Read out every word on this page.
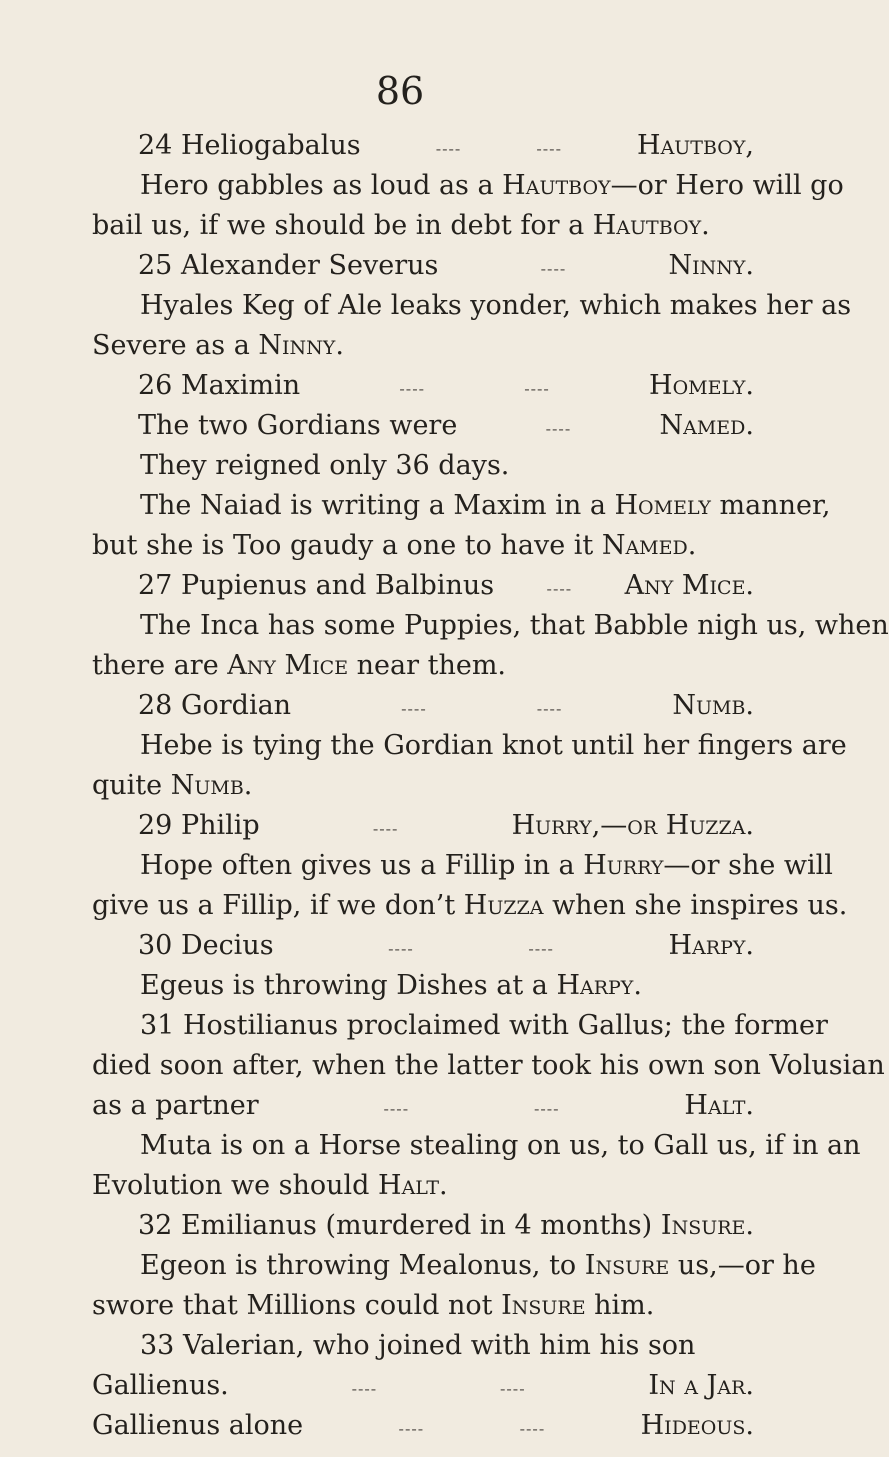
86
24 Heliogabalus	----	----	Hautboy,
Hero gabbles as loud as a Hautboy—or Hero will go
bail us, if we should be in debt for a Hautboy.
25 Alexander Severus	----	Ninny.
Hyales Keg of Ale leaks yonder, which makes her as
Severe as a Ninny.
26 Maximin	----	----	Homely.
The two Gordians were	----	Named.
They reigned only 36 days.
The Naiad is writing a Maxim in a Homely manner,
but she is Too gaudy a one to have it Named.
27 Pupienus and Balbinus	---- Any Mice.
The Inca has some Puppies, that Babble nigh us, when
there are Any Mice near them.
28 Gordian	----	----	Numb.
Hebe is tying the Gordian knot until her fingers are
quite Numb.
29 Philip	----	Hurry,—or Huzza.
Hope often gives us a Fillip in a Hurry—or she will
give us a Fillip, if we don’t Huzza when she inspires us.
30 Decius	----	----	Harpy.
Egeus is throwing Dishes at a Harpy.
31 Hostilianus proclaimed with Gallus; the former
died soon after, when the latter took his own son Volusian
as a partner	----	----	Halt.
Muta is on a Horse stealing on us, to Gall us, if in an
Evolution we should Halt.
32 Emilianus (murdered in 4 months) Insure.
Egeon is throwing Mealonus, to Insure us,—or he
swore that Millions could not Insure him.
33 Valerian, who joined with him his son
Gallienus.	----	----	In a Jar.
Gallienus alone	----	----	Hideous.
